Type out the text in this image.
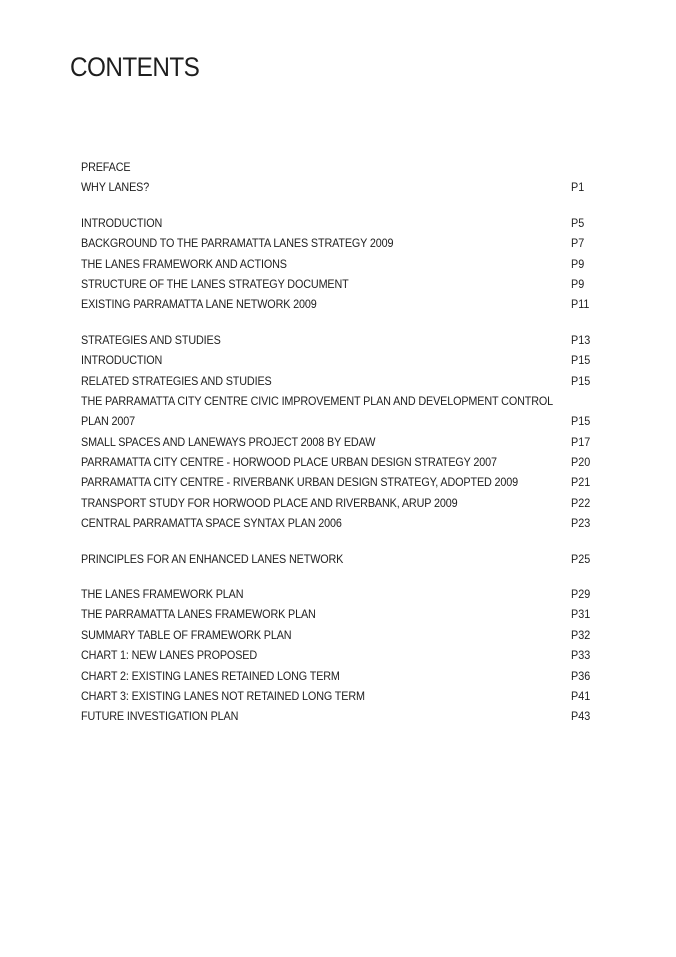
CONTENTS
PREFACE
WHY LANES?	P1
INTRODUCTION	P5
BACKGROUND TO THE PARRAMATTA LANES STRATEGY 2009	P7
THE LANES FRAMEWORK AND ACTIONS	P9
STRUCTURE OF THE LANES STRATEGY DOCUMENT	P9
EXISTING PARRAMATTA LANE NETWORK 2009	P11
STRATEGIES AND STUDIES	P13
INTRODUCTION	P15
RELATED STRATEGIES AND STUDIES	P15
THE PARRAMATTA CITY CENTRE CIVIC IMPROVEMENT PLAN AND DEVELOPMENT CONTROL
PLAN 2007	P15
SMALL SPACES AND LANEWAYS PROJECT 2008 BY EDAW	P17
PARRAMATTA CITY CENTRE - HORWOOD PLACE URBAN DESIGN STRATEGY 2007	P20
PARRAMATTA CITY CENTRE - RIVERBANK URBAN DESIGN STRATEGY, ADOPTED 2009	P21
TRANSPORT STUDY FOR HORWOOD PLACE AND RIVERBANK, ARUP 2009	P22
CENTRAL PARRAMATTA SPACE SYNTAX PLAN 2006	P23
PRINCIPLES FOR AN ENHANCED LANES NETWORK	P25
THE LANES FRAMEWORK PLAN	P29
THE PARRAMATTA LANES FRAMEWORK PLAN	P31
SUMMARY TABLE OF FRAMEWORK PLAN	P32
CHART 1: NEW LANES PROPOSED	P33
CHART 2: EXISTING LANES RETAINED LONG TERM	P36
CHART 3: EXISTING LANES NOT RETAINED LONG TERM	P41
FUTURE INVESTIGATION PLAN	P43
